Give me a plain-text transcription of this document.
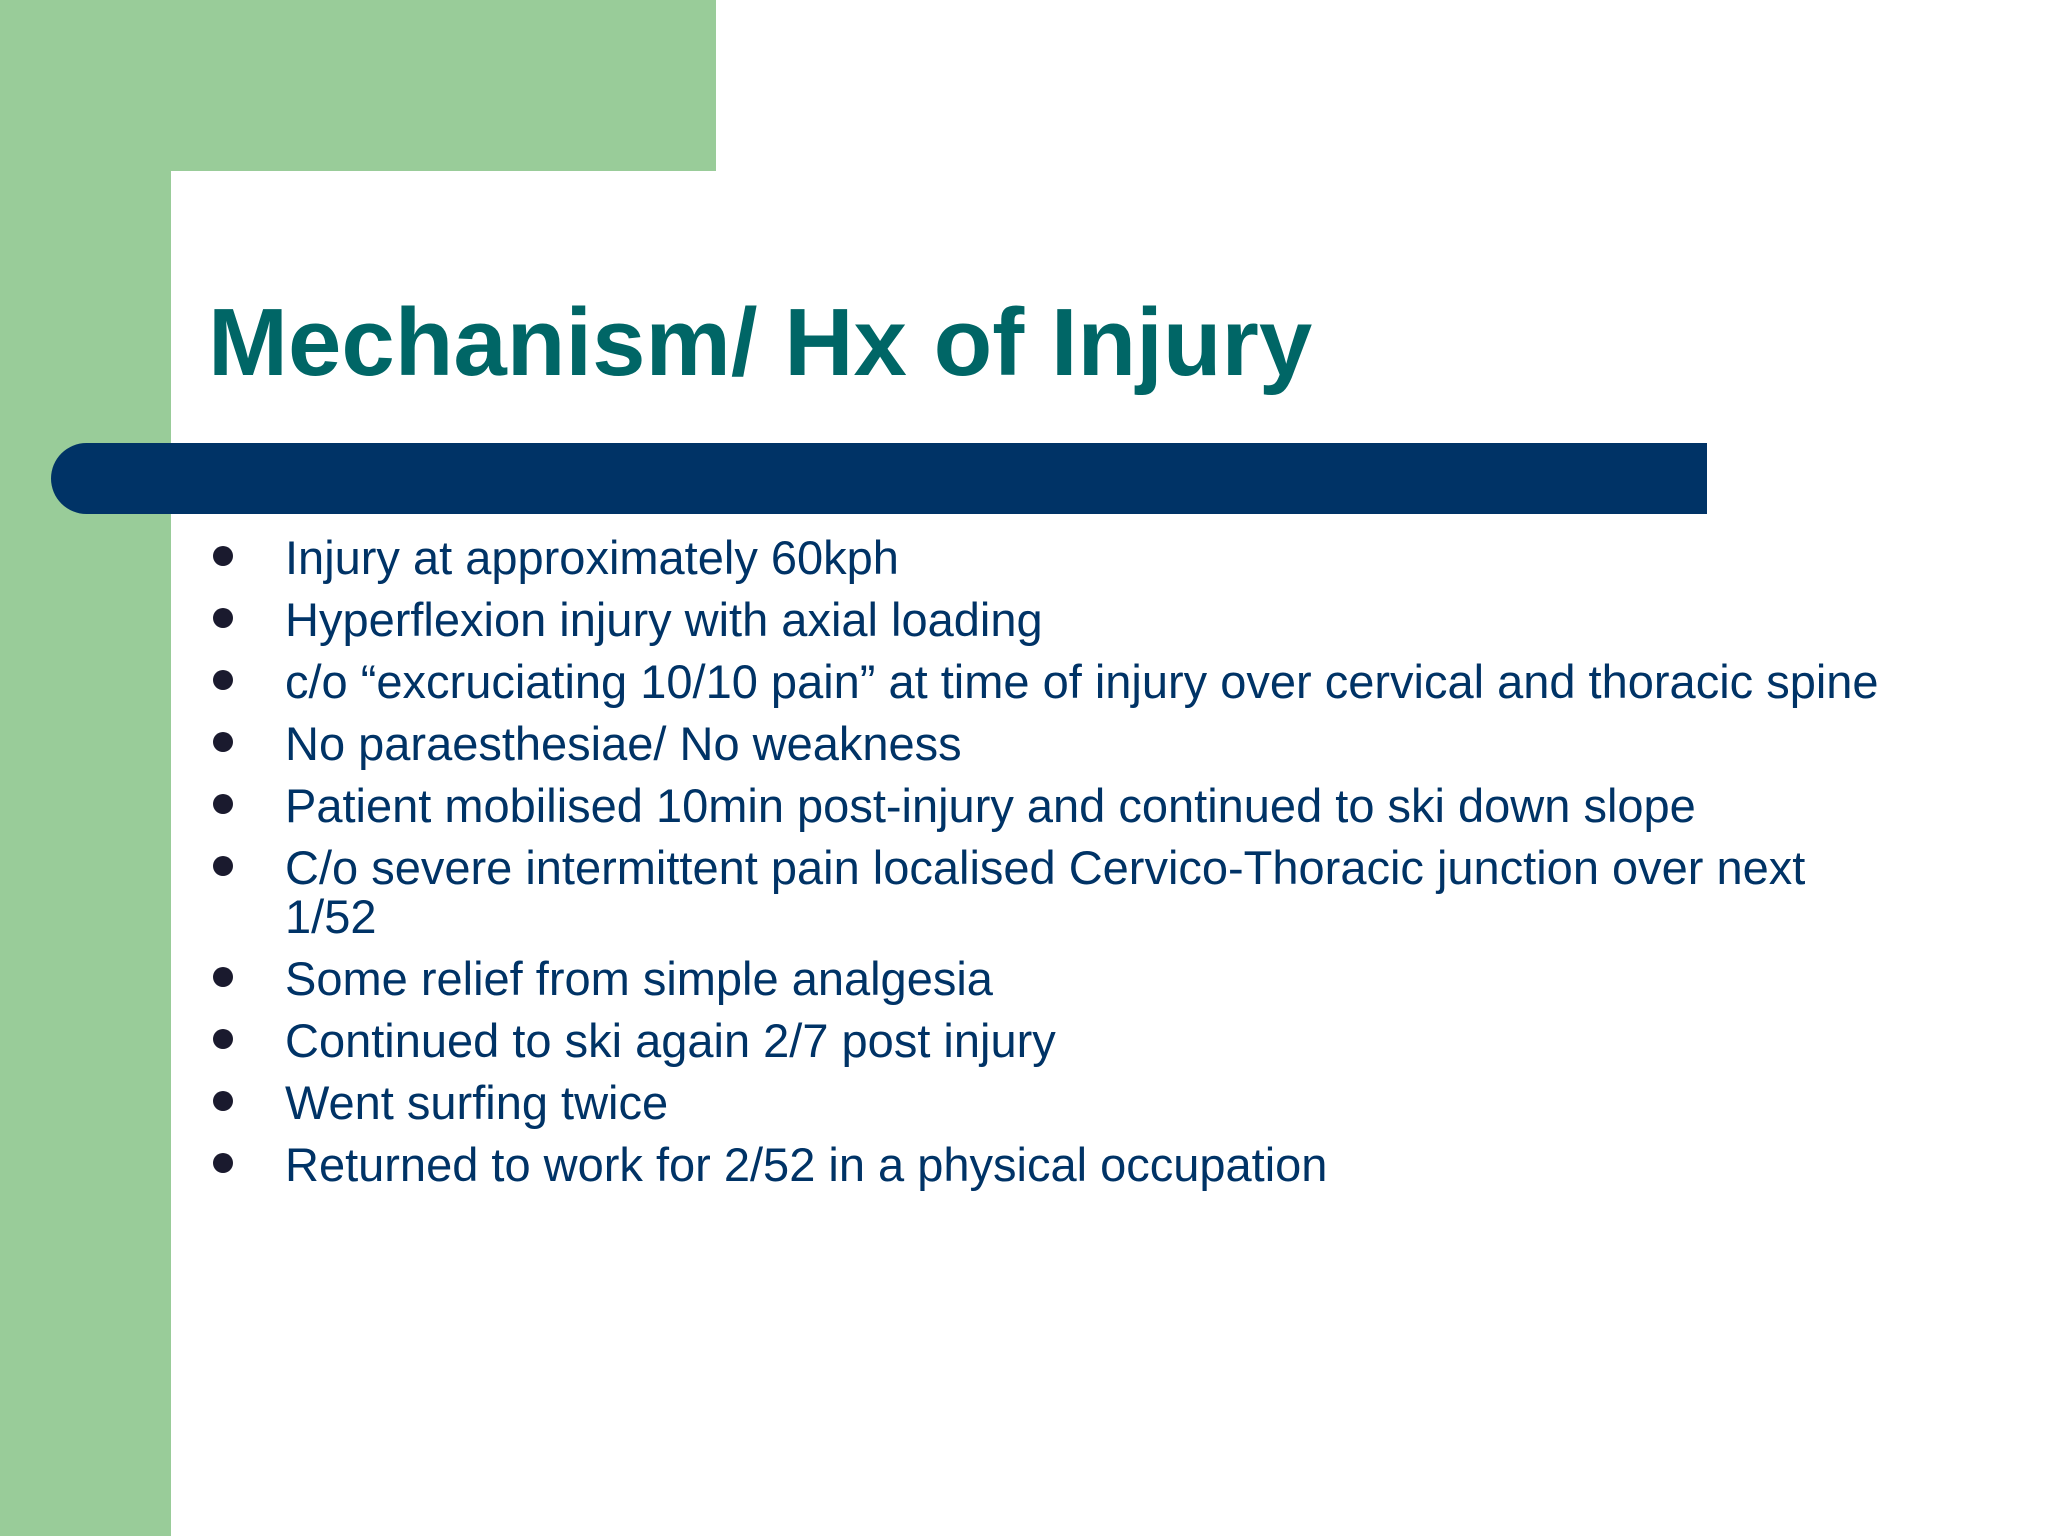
Mechanism/ Hx of Injury
Injury at approximately 60kph
Hyperflexion injury with axial loading
c/o “excruciating 10/10 pain” at time of injury over cervical and thoracic spine
No paraesthesiae/ No weakness
Patient mobilised 10min post-injury and continued to ski down slope
C/o severe intermittent pain localised Cervico-Thoracic junction over next 1/52
Some relief from simple analgesia
Continued to ski again 2/7 post injury
Went surfing twice
Returned to work for 2/52 in a physical occupation
